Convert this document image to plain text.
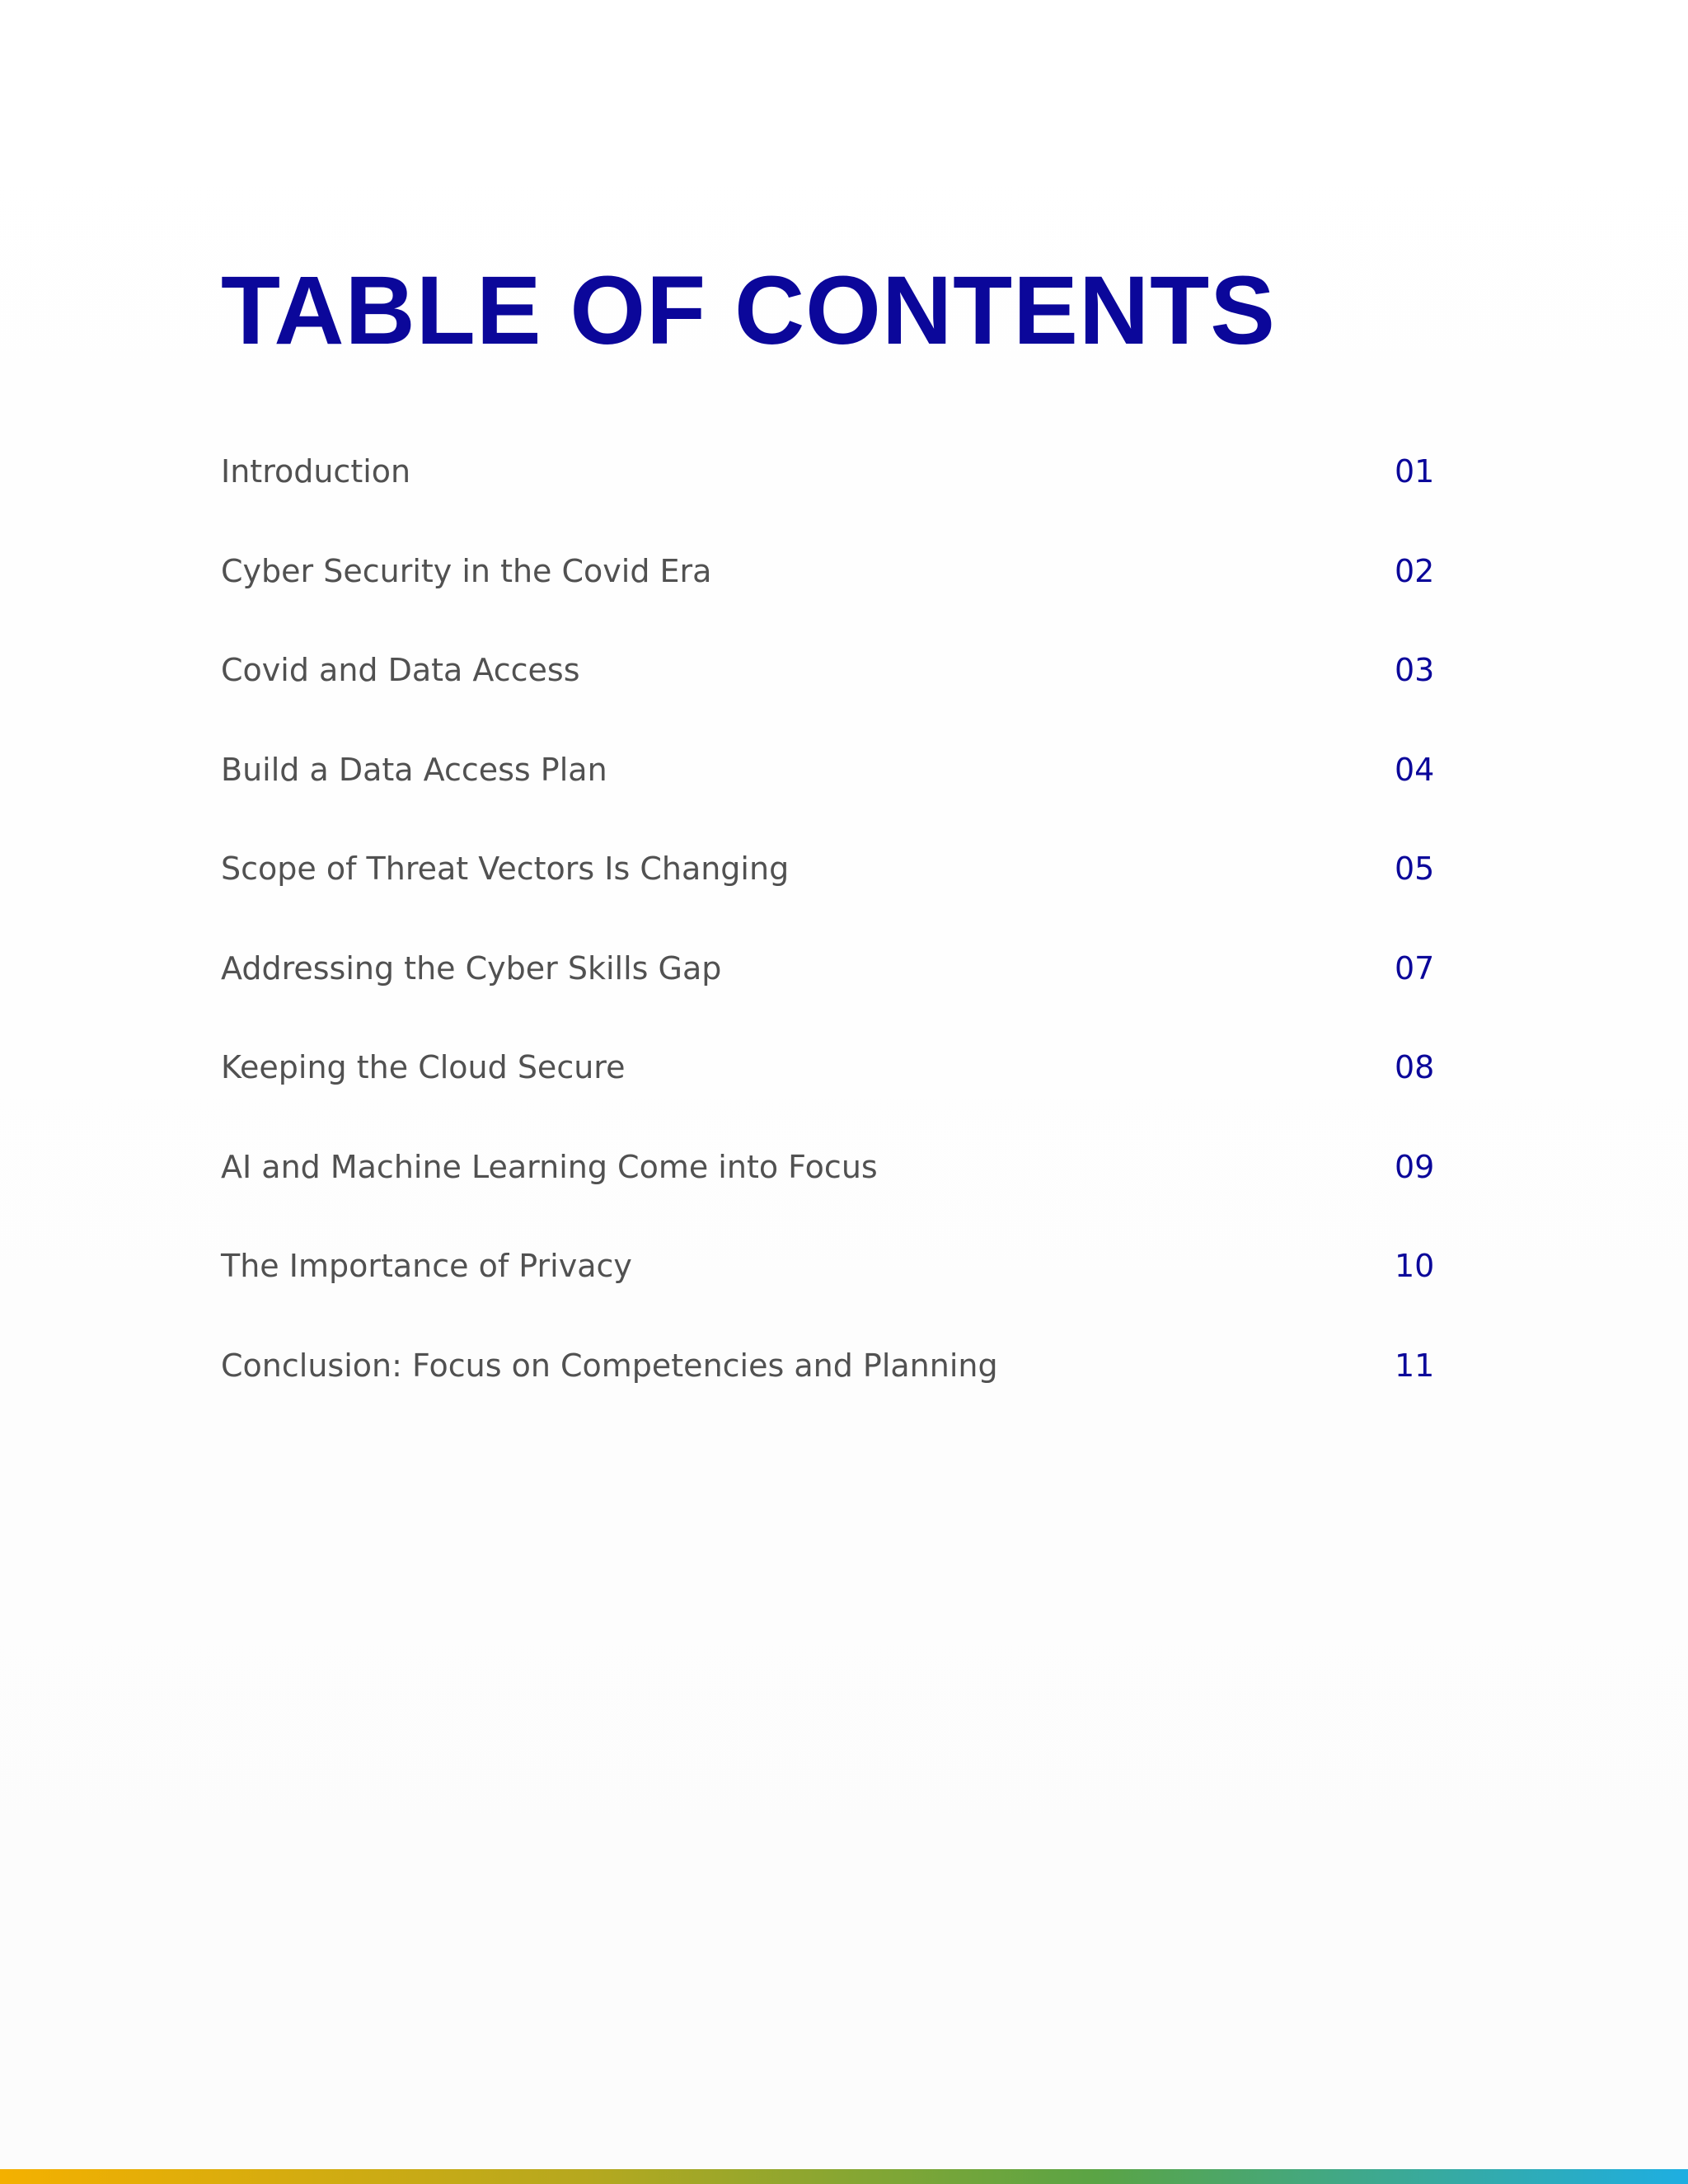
TABLE OF CONTENTS
Introduction	01
Cyber Security in the Covid Era	02
Covid and Data Access	03
Build a Data Access Plan	04
Scope of Threat Vectors Is Changing	05
Addressing the Cyber Skills Gap	07
Keeping the Cloud Secure	08
AI and Machine Learning Come into Focus	09
The Importance of Privacy	10
Conclusion: Focus on Competencies and Planning	11
